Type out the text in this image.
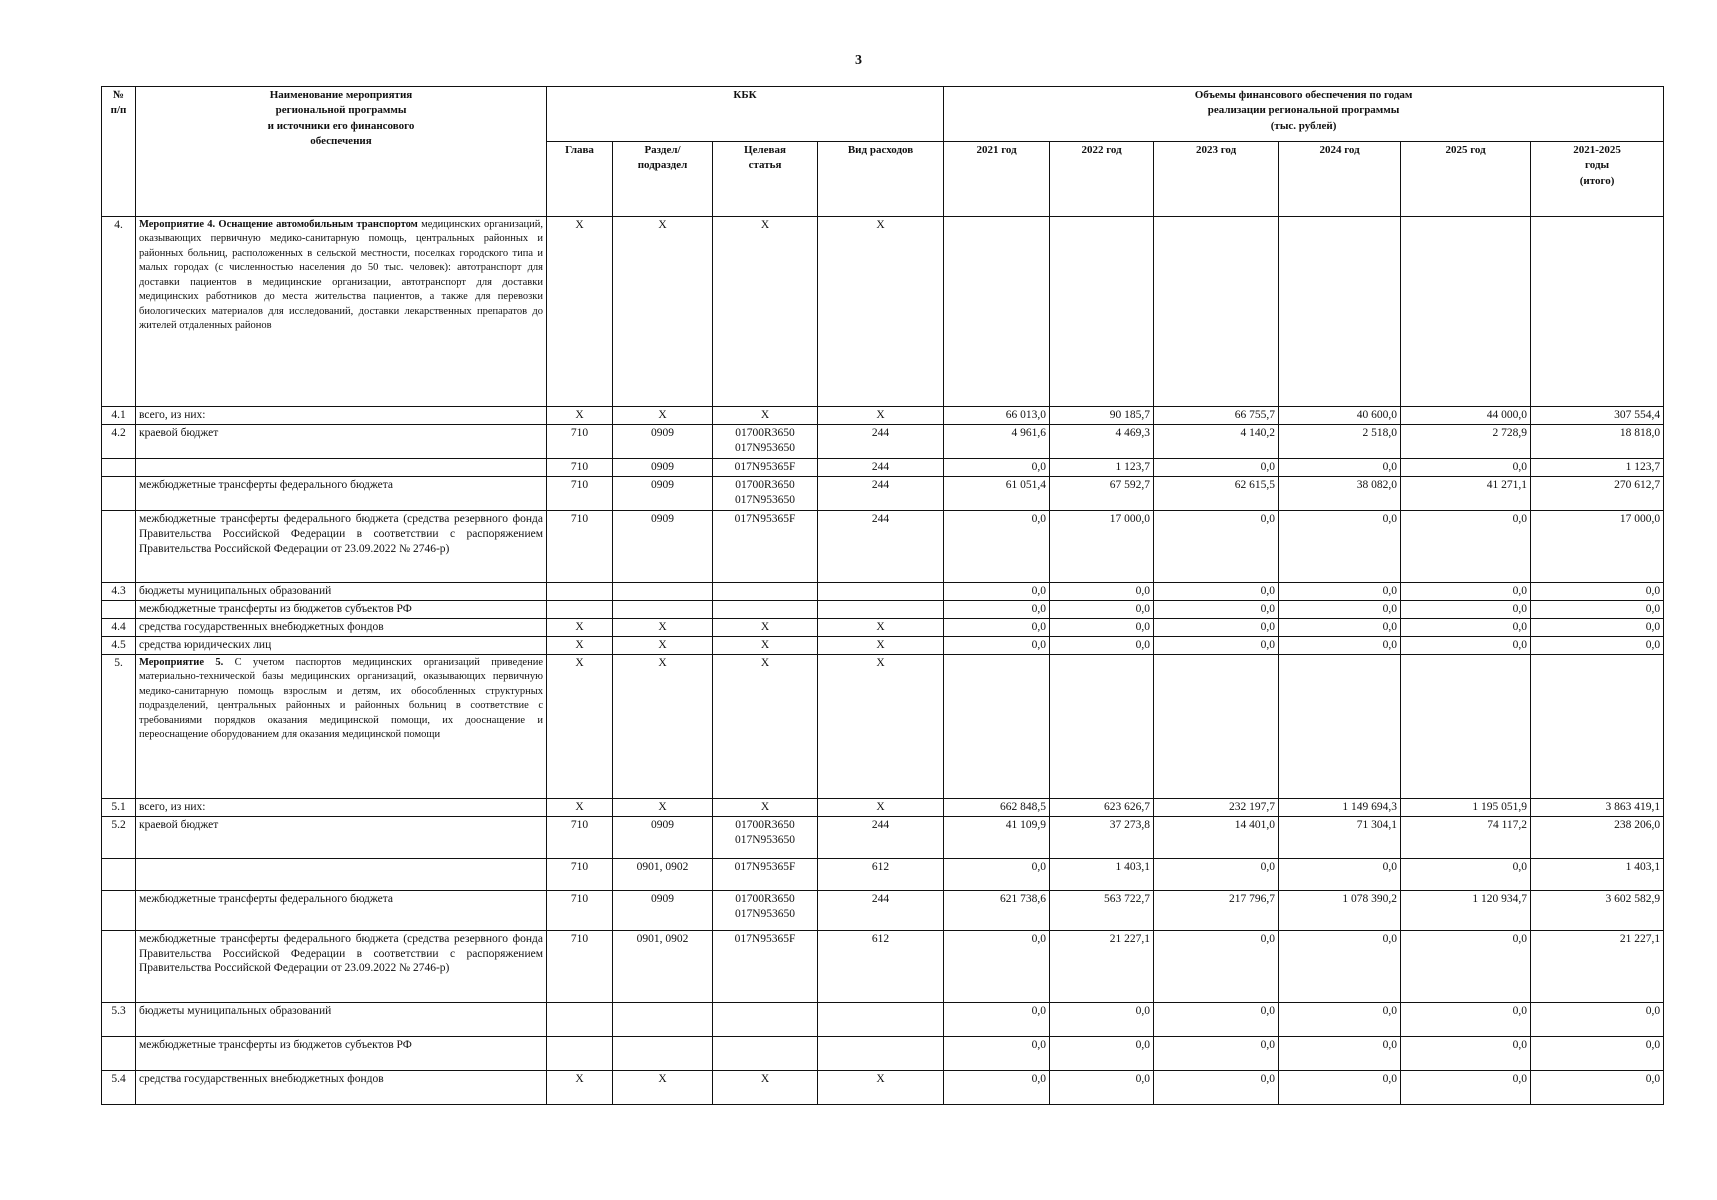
3
№
п/п	Наименование мероприятия
региональной программы
и источники его финансового
обеспечения	КБК				Объемы финансового обеспечения по годам
реализации региональной программы
(тыс. рублей)					
		Глава	Раздел/
подраздел	Целевая
статья	Вид расходов	2021 год	2022 год	2023 год	2024 год	2025 год	2021-2025
годы
(итого)
4.	Мероприятие 4. Оснащение автомобильным транспортом медицинских организаций, оказывающих первичную медико-санитарную помощь, центральных районных и районных больниц, расположенных в сельской местности, поселках городского типа и малых городах (с численностью населения до 50 тыс. человек): автотранспорт для доставки пациентов в медицинские организации, автотранспорт для доставки медицинских работников до места жительства пациентов, а также для перевозки биологических материалов для исследований, доставки лекарственных препаратов до жителей отдаленных районов	X	X	X	X						
4.1	всего, из них:	X	X	X	X	66 013,0	90 185,7	66 755,7	40 600,0	44 000,0	307 554,4
4.2	краевой бюджет	710	0909	01700R3650
017N953650	244	4 961,6	4 469,3	4 140,2	2 518,0	2 728,9	18 818,0
		710	0909	017N95365F	244	0,0	1 123,7	0,0	0,0	0,0	1 123,7
	межбюджетные трансферты федерального бюджета	710	0909	01700R3650
017N953650	244	61 051,4	67 592,7	62 615,5	38 082,0	41 271,1	270 612,7
	межбюджетные трансферты федерального бюджета (средства резервного фонда Правительства Российской Федерации в соответствии с распоряжением Правительства Российской Федерации от 23.09.2022 № 2746-р)	710	0909	017N95365F	244	0,0	17 000,0	0,0	0,0	0,0	17 000,0
4.3	бюджеты муниципальных образований					0,0	0,0	0,0	0,0	0,0	0,0
	межбюджетные трансферты из бюджетов субъектов РФ					0,0	0,0	0,0	0,0	0,0	0,0
4.4	средства государственных внебюджетных фондов	X	X	X	X	0,0	0,0	0,0	0,0	0,0	0,0
4.5	средства юридических лиц	X	X	X	X	0,0	0,0	0,0	0,0	0,0	0,0
5.	Мероприятие 5. С учетом паспортов медицинских организаций приведение материально-технической базы медицинских организаций, оказывающих первичную медико-санитарную помощь взрослым и детям, их обособленных структурных подразделений, центральных районных и районных больниц в соответствие с требованиями порядков оказания медицинской помощи, их дооснащение и переоснащение оборудованием для оказания медицинской помощи	X	X	X	X						
5.1	всего, из них:	X	X	X	X	662 848,5	623 626,7	232 197,7	1 149 694,3	1 195 051,9	3 863 419,1
5.2	краевой бюджет	710	0909	01700R3650
017N953650	244	41 109,9	37 273,8	14 401,0	71 304,1	74 117,2	238 206,0
		710	0901, 0902	017N95365F	612	0,0	1 403,1	0,0	0,0	0,0	1 403,1
	межбюджетные трансферты федерального бюджета	710	0909	01700R3650
017N953650	244	621 738,6	563 722,7	217 796,7	1 078 390,2	1 120 934,7	3 602 582,9
	межбюджетные трансферты федерального бюджета (средства резервного фонда Правительства Российской Федерации в соответствии с распоряжением Правительства Российской Федерации от 23.09.2022 № 2746-р)	710	0901, 0902	017N95365F	612	0,0	21 227,1	0,0	0,0	0,0	21 227,1
5.3	бюджеты муниципальных образований					0,0	0,0	0,0	0,0	0,0	0,0
	межбюджетные трансферты из бюджетов субъектов РФ					0,0	0,0	0,0	0,0	0,0	0,0
5.4	средства государственных внебюджетных фондов	X	X	X	X	0,0	0,0	0,0	0,0	0,0	0,0
